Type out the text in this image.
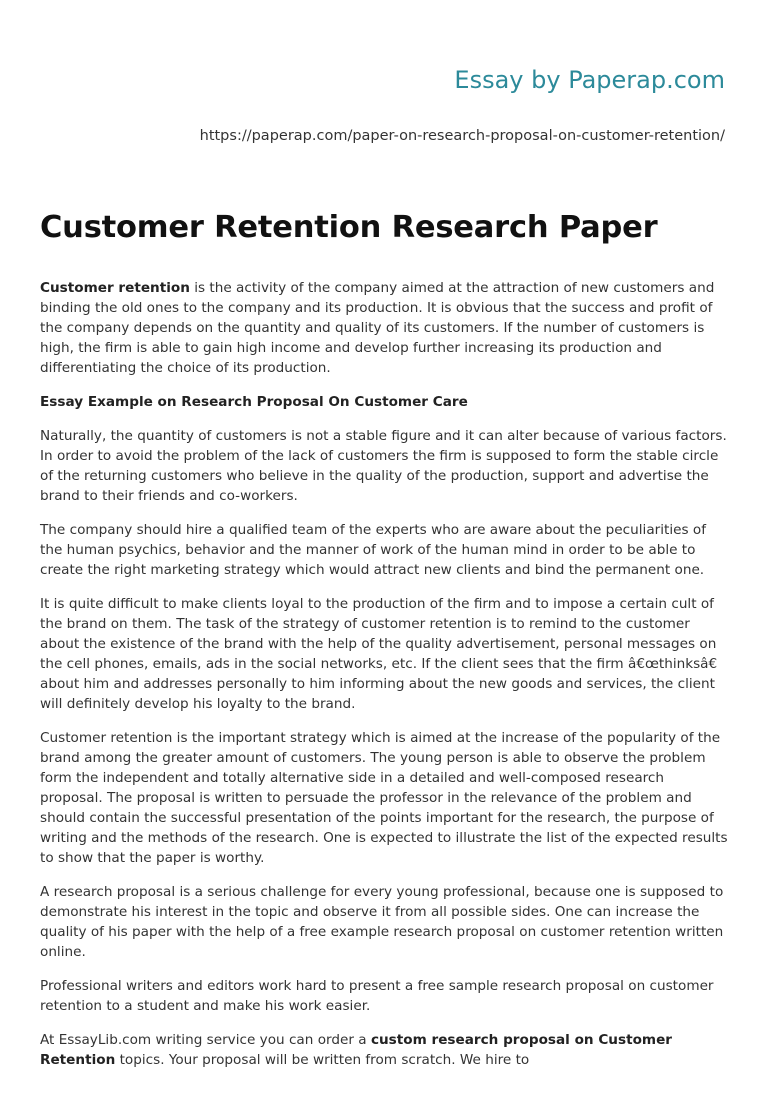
Essay by Paperap.com
https://paperap.com/paper-on-research-proposal-on-customer-retention/
Customer Retention Research Paper

Customer retention is the activity of the company aimed at the attraction of new customers and binding the old ones to the company and its production. It is obvious that the success and profit of the company depends on the quantity and quality of its customers. If the number of customers is high, the firm is able to gain high income and develop further increasing its production and differentiating the choice of its production.

Essay Example on Research Proposal On Customer Care

Naturally, the quantity of customers is not a stable figure and it can alter because of various factors. In order to avoid the problem of the lack of customers the firm is supposed to form the stable circle of the returning customers who believe in the quality of the production, support and advertise the brand to their friends and co-workers.

The company should hire a qualified team of the experts who are aware about the peculiarities of the human psychics, behavior and the manner of work of the human mind in order to be able to create the right marketing strategy which would attract new clients and bind the permanent one.

It is quite difficult to make clients loyal to the production of the firm and to impose a certain cult of the brand on them. The task of the strategy of customer retention is to remind to the customer about the existence of the brand with the help of the quality advertisement, personal messages on the cell phones, emails, ads in the social networks, etc. If the client sees that the firm â€œthinksâ€ about him and addresses personally to him informing about the new goods and services, the client will definitely develop his loyalty to the brand.

Customer retention is the important strategy which is aimed at the increase of the popularity of the brand among the greater amount of customers. The young person is able to observe the problem form the independent and totally alternative side in a detailed and well-composed research proposal. The proposal is written to persuade the professor in the relevance of the problem and should contain the successful presentation of the points important for the research, the purpose of writing and the methods of the research. One is expected to illustrate the list of the expected results to show that the paper is worthy.

A research proposal is a serious challenge for every young professional, because one is supposed to demonstrate his interest in the topic and observe it from all possible sides. One can increase the quality of his paper with the help of a free example research proposal on customer retention written online.

Professional writers and editors work hard to present a free sample research proposal on customer retention to a student and make his work easier.

At EssayLib.com writing service you can order a custom research proposal on Customer Retention topics. Your proposal will be written from scratch. We hire to
